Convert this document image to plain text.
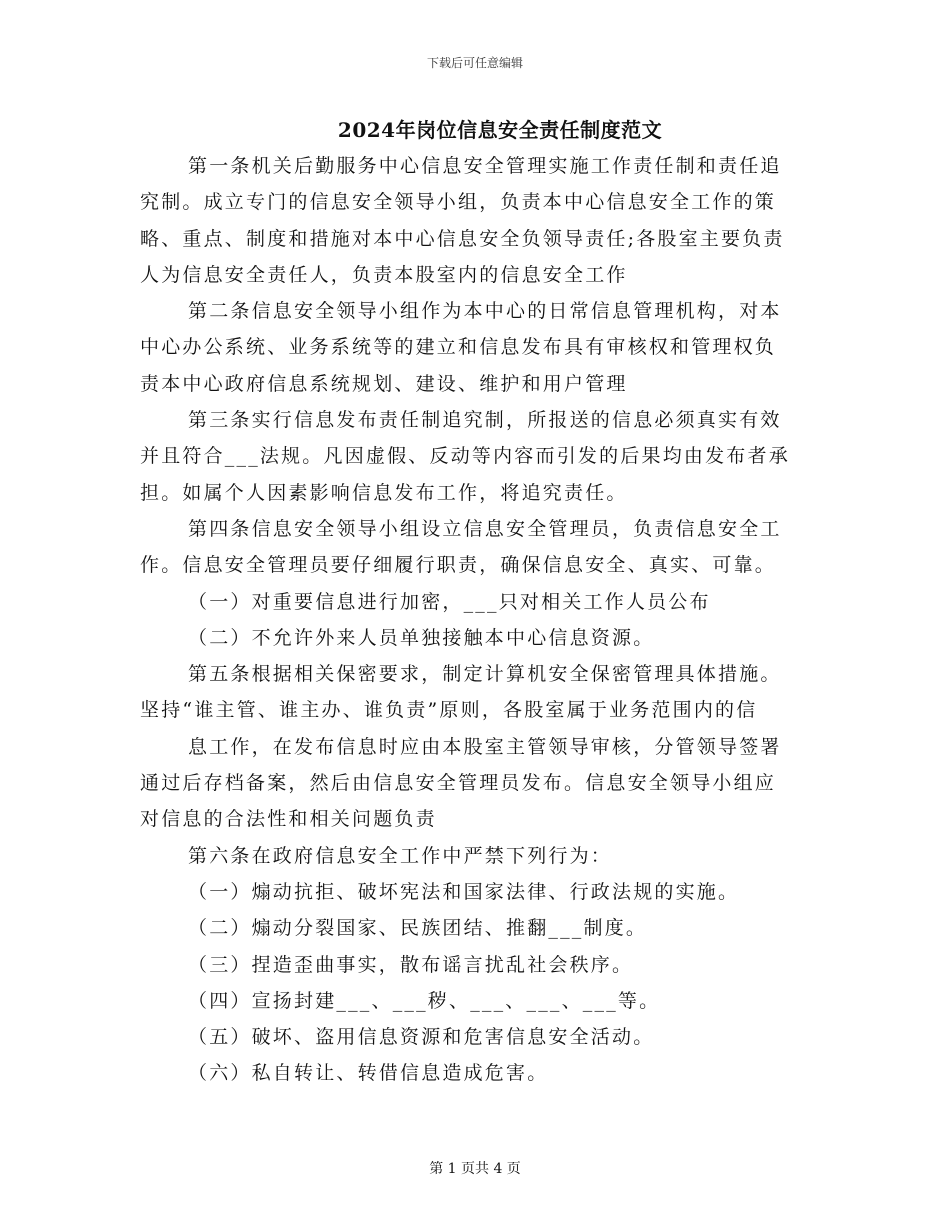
下载后可任意编辑
2024年岗位信息安全责任制度范文
第一条机关后勤服务中心信息安全管理实施工作责任制和责任追
究制。成立专门的信息安全领导小组，负责本中心信息安全工作的策
略、重点、制度和措施对本中心信息安全负领导责任;各股室主要负责
人为信息安全责任人，负责本股室内的信息安全工作
第二条信息安全领导小组作为本中心的日常信息管理机构，对本
中心办公系统、业务系统等的建立和信息发布具有审核权和管理权负
责本中心政府信息系统规划、建设、维护和用户管理
第三条实行信息发布责任制追究制，所报送的信息必须真实有效
并且符合___法规。凡因虚假、反动等内容而引发的后果均由发布者承
担。如属个人因素影响信息发布工作，将追究责任。
第四条信息安全领导小组设立信息安全管理员，负责信息安全工
作。信息安全管理员要仔细履行职责，确保信息安全、真实、可靠。
（一）对重要信息进行加密，___只对相关工作人员公布
（二）不允许外来人员单独接触本中心信息资源。
第五条根据相关保密要求，制定计算机安全保密管理具体措施。
坚持“谁主管、谁主办、谁负责”原则，各股室属于业务范围内的信
息工作，在发布信息时应由本股室主管领导审核，分管领导签署
通过后存档备案，然后由信息安全管理员发布。信息安全领导小组应
对信息的合法性和相关问题负责
第六条在政府信息安全工作中严禁下列行为：
（一）煽动抗拒、破坏宪法和国家法律、行政法规的实施。
（二）煽动分裂国家、民族团结、推翻___制度。
（三）捏造歪曲事实，散布谣言扰乱社会秩序。
（四）宣扬封建___、___秽、___、___、___等。
（五）破坏、盗用信息资源和危害信息安全活动。
（六）私自转让、转借信息造成危害。
第 1 页共 4 页
